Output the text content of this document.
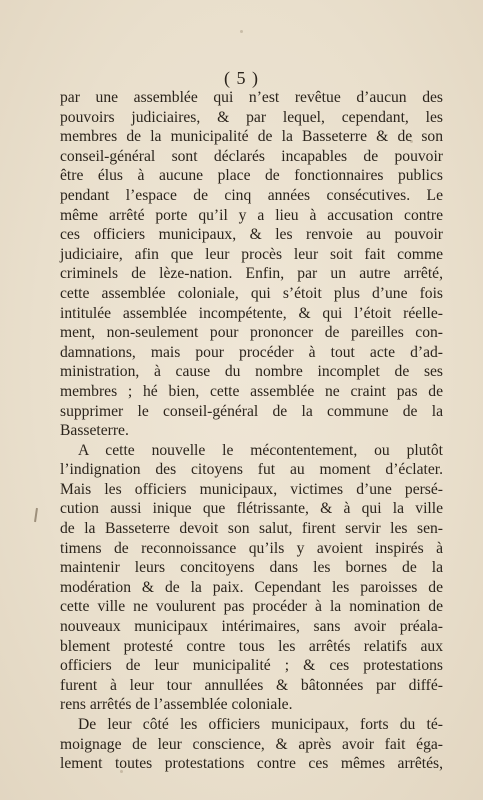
( 5 )
par une assemblée qui n’est revêtue d’aucun des
pouvoirs judiciaires, & par lequel, cependant, les
membres de la municipalité de la Basseterre & de son
conseil-général sont déclarés incapables de pouvoir
être élus à aucune place de fonctionnaires publics
pendant l’espace de cinq années consécutives. Le
même arrêté porte qu’il y a lieu à accusation contre
ces officiers municipaux, & les renvoie au pouvoir
judiciaire, afin que leur procès leur soit fait comme
criminels de lèze-nation. Enfin, par un autre arrêté,
cette assemblée coloniale, qui s’étoit plus d’une fois
intitulée assemblée incompétente, & qui l’étoit réelle-
ment, non-seulement pour prononcer de pareilles con-
damnations, mais pour procéder à tout acte d’ad-
ministration, à cause du nombre incomplet de ses
membres ; hé bien, cette assemblée ne craint pas de
supprimer le conseil-général de la commune de la
Basseterre.
A cette nouvelle le mécontentement, ou plutôt
l’indignation des citoyens fut au moment d’éclater.
Mais les officiers municipaux, victimes d’une persé-
cution aussi inique que flétrissante, & à qui la ville
de la Basseterre devoit son salut, firent servir les sen-
timens de reconnoissance qu’ils y avoient inspirés à
maintenir leurs concitoyens dans les bornes de la
modération & de la paix. Cependant les paroisses de
cette ville ne voulurent pas procéder à la nomination de
nouveaux municipaux intérimaires, sans avoir préala-
blement protesté contre tous les arrêtés relatifs aux
officiers de leur municipalité ; & ces protestations
furent à leur tour annullées & bâtonnées par diffé-
rens arrêtés de l’assemblée coloniale.
De leur côté les officiers municipaux, forts du té-
moignage de leur conscience, & après avoir fait éga-
lement toutes protestations contre ces mêmes arrêtés,
